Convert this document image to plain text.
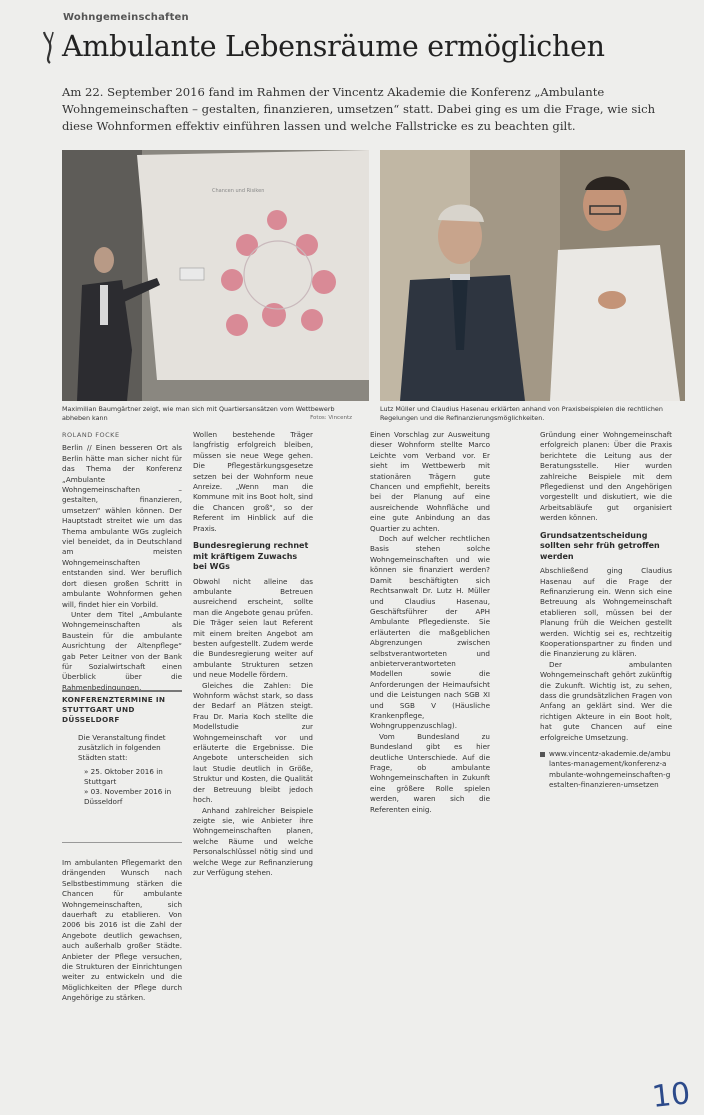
Wohngemeinschaften
Ambulante Lebensräume ermöglichen
Am 22. September 2016 fand im Rahmen der Vincentz Akademie die Konferenz „Ambulante Wohngemeinschaften – gestalten, finanzieren, umsetzen“ statt. Dabei ging es um die Frage, wie sich diese Wohnformen effektiv einführen lassen und welche Fallstricke es zu beachten gilt.
Chancen und Risiken
Maximilian Baumgärtner zeigt, wie man sich mit Quartiersansätzen vom Wettbewerb abheben kann	Fotos: Vincentz
Lutz Müller und Claudius Hasenau erklärten anhand von Praxisbeispielen die rechtlichen Regelungen und die Refinanzierungsmöglichkeiten.
ROLAND FOCKE

Berlin // Einen besseren Ort als Berlin hätte man sicher nicht für das Thema der Konferenz „Ambulante Wohngemeinschaften – gestalten, finanzieren, umsetzen“ wählen können. Der Hauptstadt streitet wie um das Thema ambulante WGs zugleich viel beneidet, da in Deutschland am meisten Wohngemeinschaften entstanden sind. Wer beruflich dort diesen großen Schritt in ambulante Wohnformen gehen will, findet hier ein Vorbild.

Unter dem Titel „Ambulante Wohngemeinschaften als Baustein für die ambulante Ausrichtung der Altenpflege“ gab Peter Leitner von der Bank für Sozialwirtschaft einen Überblick über die Rahmenbedingungen.

KONFERENZTERMINE IN STUTTGART UND DÜSSELDORF
Die Veranstaltung findet zusätzlich in folgenden Städten statt:
» 25. Oktober 2016 in Stuttgart
» 03. November 2016 in Düsseldorf

Im ambulanten Pflegemarkt den drängenden Wunsch nach Selbstbestimmung stärken die Chancen für ambulante Wohngemeinschaften, sich dauerhaft zu etablieren. Von 2006 bis 2016 ist die Zahl der Angebote deutlich gewachsen, auch außerhalb großer Städte. Anbieter der Pflege versuchen, die Strukturen der Einrichtungen weiter zu entwickeln und die Möglichkeiten der Pflege durch Angehörige zu stärken.

Wollen bestehende Träger langfristig erfolgreich bleiben, müssen sie neue Wege gehen. Die Pflegestärkungsgesetze setzen bei der Wohnform neue Anreize. „Wenn man die Kommune mit ins Boot holt, sind die Chancen groß“, so der Referent im Hinblick auf die Praxis.

Bundesregierung rechnet mit kräftigem Zuwachs bei WGs

Obwohl nicht alleine das ambulante Betreuen ausreichend erscheint, sollte man die Angebote genau prüfen. Die Träger seien laut Referent mit einem breiten Angebot am besten aufgestellt. Zudem werde die Bundesregierung weiter auf ambulante Strukturen setzen und neue Modelle fördern.

Gleiches die Zahlen: Die Wohnform wächst stark, so dass der Bedarf an Plätzen steigt. Frau Dr. Maria Koch stellte die Modellstudie zur Wohngemeinschaft vor und erläuterte die Ergebnisse. Die Angebote unterscheiden sich laut Studie deutlich in Größe, Struktur und Kosten, die Qualität der Betreuung bleibt jedoch hoch.

Anhand zahlreicher Beispiele zeigte sie, wie Anbieter ihre Wohngemeinschaften planen, welche Räume und welche Personalschlüssel nötig sind und welche Wege zur Refinanzierung zur Verfügung stehen.

Einen Vorschlag zur Ausweitung dieser Wohnform stellte Marco Leichte vom Verband vor. Er sieht im Wettbewerb mit stationären Trägern gute Chancen und empfiehlt, bereits bei der Planung auf eine ausreichende Wohnfläche und eine gute Anbindung an das Quartier zu achten.

Doch auf welcher rechtlichen Basis stehen solche Wohngemeinschaften und wie können sie finanziert werden? Damit beschäftigten sich Rechtsanwalt Dr. Lutz H. Müller und Claudius Hasenau, Geschäftsführer der APH Ambulante Pflegedienste. Sie erläuterten die maßgeblichen Abgrenzungen zwischen selbstverantworteten und anbieterverantworteten Modellen sowie die Anforderungen der Heimaufsicht und die Leistungen nach SGB XI und SGB V (Häusliche Krankenpflege, Wohngruppenzuschlag).

Vom Bundesland zu Bundesland gibt es hier deutliche Unterschiede. Auf die Frage, ob ambulante Wohngemeinschaften in Zukunft eine größere Rolle spielen werden, waren sich die Referenten einig.

Gründung einer Wohngemeinschaft erfolgreich planen: Über die Praxis berichtete die Leitung aus der Beratungsstelle. Hier wurden zahlreiche Beispiele mit dem Pflegedienst und den Angehörigen vorgestellt und diskutiert, wie die Arbeitsabläufe gut organisiert werden können.

Grundsatzentscheidung sollten sehr früh getroffen werden

Abschließend ging Claudius Hasenau auf die Frage der Refinanzierung ein. Wenn sich eine Betreuung als Wohngemeinschaft etablieren soll, müssen bei der Planung früh die Weichen gestellt werden. Wichtig sei es, rechtzeitig Kooperationspartner zu finden und die Finanzierung zu klären.

Der ambulanten Wohngemeinschaft gehört zukünftig die Zukunft. Wichtig ist, zu sehen, dass die grundsätzlichen Fragen von Anfang an geklärt sind. Wer die richtigen Akteure in ein Boot holt, hat gute Chancen auf eine erfolgreiche Umsetzung.

www.vincentz-akademie.de/ambulantes-management/konferenz-ambulante-wohngemeinschaften-gestalten-finanzieren-umsetzen
10
